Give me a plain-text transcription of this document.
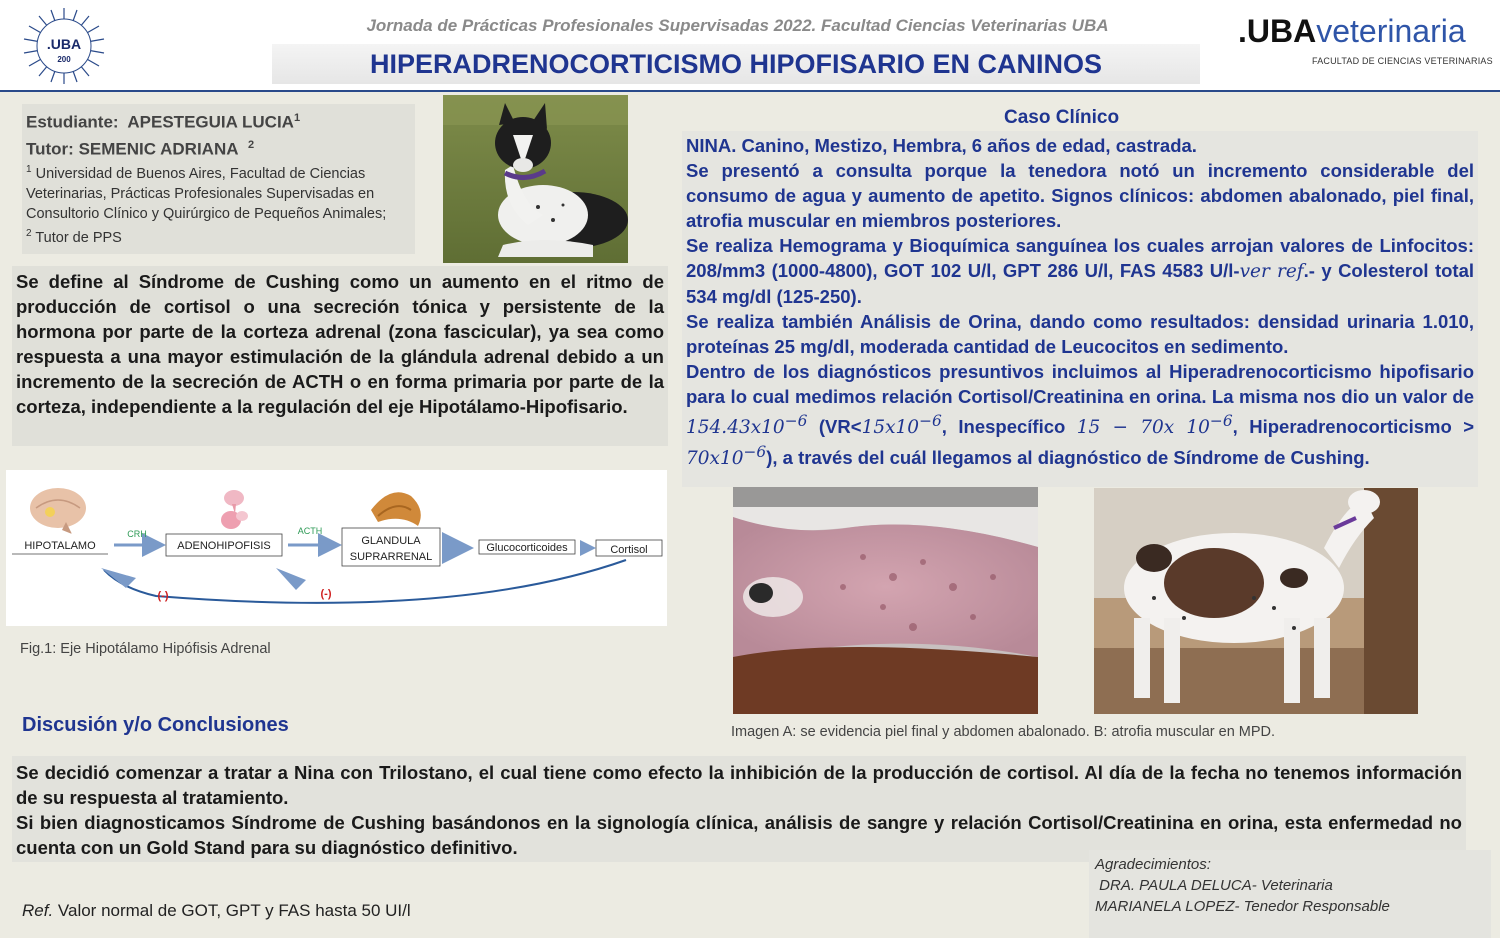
.UBA
200
Jornada de Prácticas Profesionales Supervisadas 2022. Facultad Ciencias Veterinarias UBA
HIPERADRENOCORTICISMO HIPOFISARIO EN CANINOS
.UBAveterinaria
FACULTAD DE CIENCIAS VETERINARIAS
Estudiante: APESTEGUIA LUCIA$^1$
Tutor: SEMENIC ADRIANA $^2$
$^1$ Universidad de Buenos Aires, Facultad de Ciencias Veterinarias, Prácticas Profesionales Supervisadas en Consultorio Clínico y Quirúrgico de Pequeños Animales;
$^2$ Tutor de PPS
Se define al Síndrome de Cushing como un aumento en el ritmo de producción de cortisol o una secreción tónica y persistente de la hormona por parte de la corteza adrenal (zona fascicular), ya sea como respuesta a una mayor estimulación de la glándula adrenal debido a un incremento de la secreción de ACTH o en forma primaria por parte de la corteza, independiente a la regulación del eje Hipotálamo-Hipofisario.
HIPOTALAMO	ADENOHIPOFISIS	GLANDULA
SUPRARRENAL
Glucocorticoides	Cortisol
CRH	ACTH
(-)	(-)
Fig.1: Eje Hipotálamo Hipófisis Adrenal
Discusión y/o Conclusiones
Caso Clínico

NINA. Canino, Mestizo, Hembra, 6 años de edad, castrada.

Se presentó a consulta porque la tenedora notó un incremento considerable del consumo de agua y aumento de apetito. Signos clínicos: abdomen abalonado, piel final, atrofia muscular en miembros posteriores.

Se realiza Hemograma y Bioquímica sanguínea los cuales arrojan valores de Linfocitos: 208/mm3 (1000-4800), GOT 102 U/l, GPT 286 U/l, FAS 4583 U/l-ver ref.- y Colesterol total 534 mg/dl (125-250).

Se realiza también Análisis de Orina, dando como resultados: densidad urinaria 1.010, proteínas 25 mg/dl, moderada cantidad de Leucocitos en sedimento.

Dentro de los diagnósticos presuntivos incluimos al Hiperadrenocorticismo hipofisario para lo cual medimos relación Cortisol/Creatinina en orina. La misma nos dio un valor de $154.43x10^{-6}$ ($VR<15x10^{-6}$, Inespecífico 15 − 70x $10^{-6}$, Hiperadrenocorticismo > $70x10^{-6}$), a través del cuál llegamos al diagnóstico de Síndrome de Cushing.

Imagen A: se evidencia piel final y abdomen abalonado. B: atrofia muscular en MPD.

Se decidió comenzar a tratar a Nina con Trilostano, el cual tiene como efecto la inhibición de la producción de cortisol. Al día de la fecha no tenemos información de su respuesta al tratamiento.

Si bien diagnosticamos Síndrome de Cushing basándonos en la signología clínica, análisis de sangre y relación Cortisol/Creatinina en orina, esta enfermedad no cuenta con un Gold Stand para su diagnóstico definitivo.

Ref. Valor normal de GOT, GPT y FAS hasta 50 UI/l
Agradecimientos:
DRA. PAULA DELUCA- Veterinaria
MARIANELA LOPEZ- Tenedor Responsable
